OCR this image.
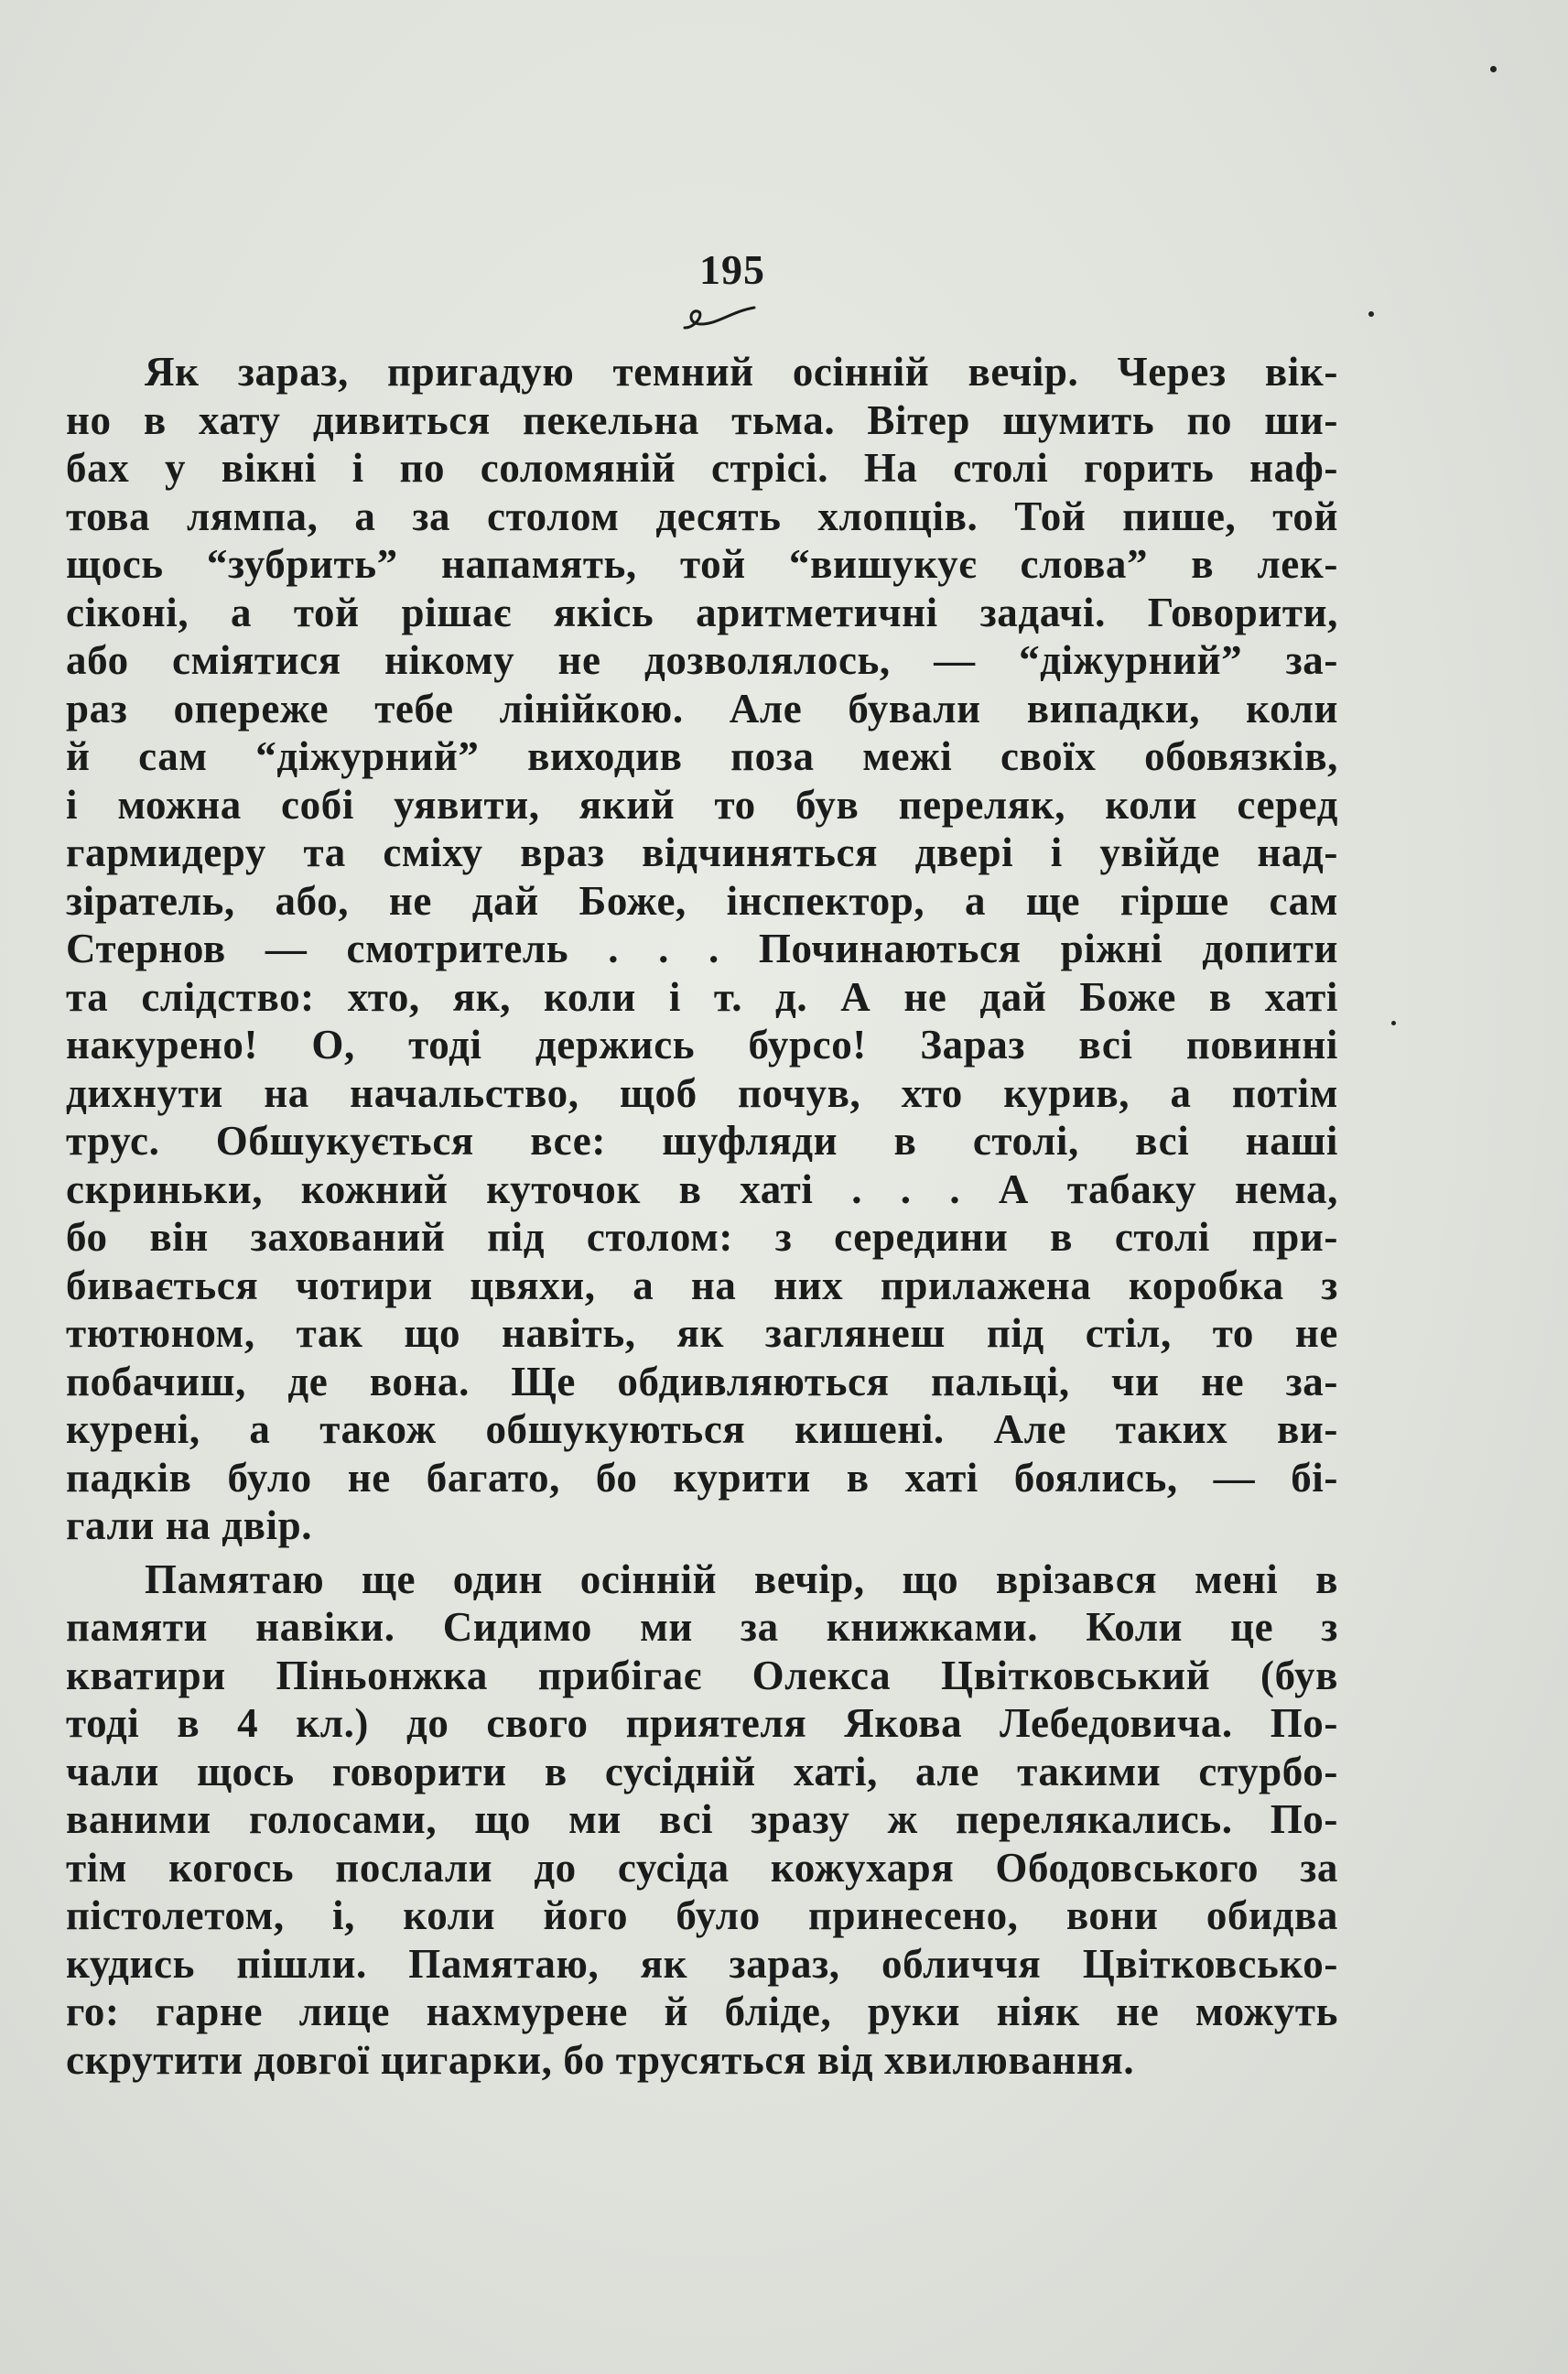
195
Як зараз, пригадую темний осінній вечір. Через вік-
но в хату дивиться пекельна тьма. Вітер шумить по ши-
бах у вікні і по соломяній стрісі. На столі горить наф-
това лямпа, а за столом десять хлопців. Той пише, той
щось “зубрить” напамять, той “вишукує слова” в лек-
сіконі, а той рішає якісь аритметичні задачі. Говорити,
або сміятися нікому не дозволялось, — “діжурний” за-
раз опереже тебе лінійкою. Але бували випадки, коли
й сам “діжурний” виходив поза межі своїх обовязків,
і можна собі уявити, який то був переляк, коли серед
гармидеру та сміху враз відчиняться двері і увійде над-
зіратель, або, не дай Боже, інспектор, а ще гірше сам
Стернов — смотритель . . . Починаються ріжні допити
та слідство: хто, як, коли і т. д. А не дай Боже в хаті
накурено! О, тоді держись бурсо! Зараз всі повинні
дихнути на начальство, щоб почув, хто курив, а потім
трус. Обшукується все: шуфляди в столі, всі наші
скриньки, кожний куточок в хаті . . . А табаку нема,
бо він захований під столом: з середини в столі при-
бивається чотири цвяхи, а на них прилажена коробка з
тютюном, так що навіть, як заглянеш під стіл, то не
побачиш, де вона. Ще обдивляються пальці, чи не за-
курені, а також обшукуються кишені. Але таких ви-
падків було не багато, бо курити в хаті боялись, — бі-
гали на двір.
Памятаю ще один осінній вечір, що врізався мені в
памяти навіки. Сидимо ми за книжками. Коли це з
кватири Піньонжка прибігає Олекса Цвітковський (був
тоді в 4 кл.) до свого приятеля Якова Лебедовича. По-
чали щось говорити в сусідній хаті, але такими стурбо-
ваними голосами, що ми всі зразу ж перелякались. По-
тім когось послали до сусіда кожухаря Ободовського за
пістолетом, і, коли його було принесено, вони обидва
кудись пішли. Памятаю, як зараз, обличчя Цвітковсько-
го: гарне лице нахмурене й бліде, руки ніяк не можуть
скрутити довгої цигарки, бо трусяться від хвилювання.
